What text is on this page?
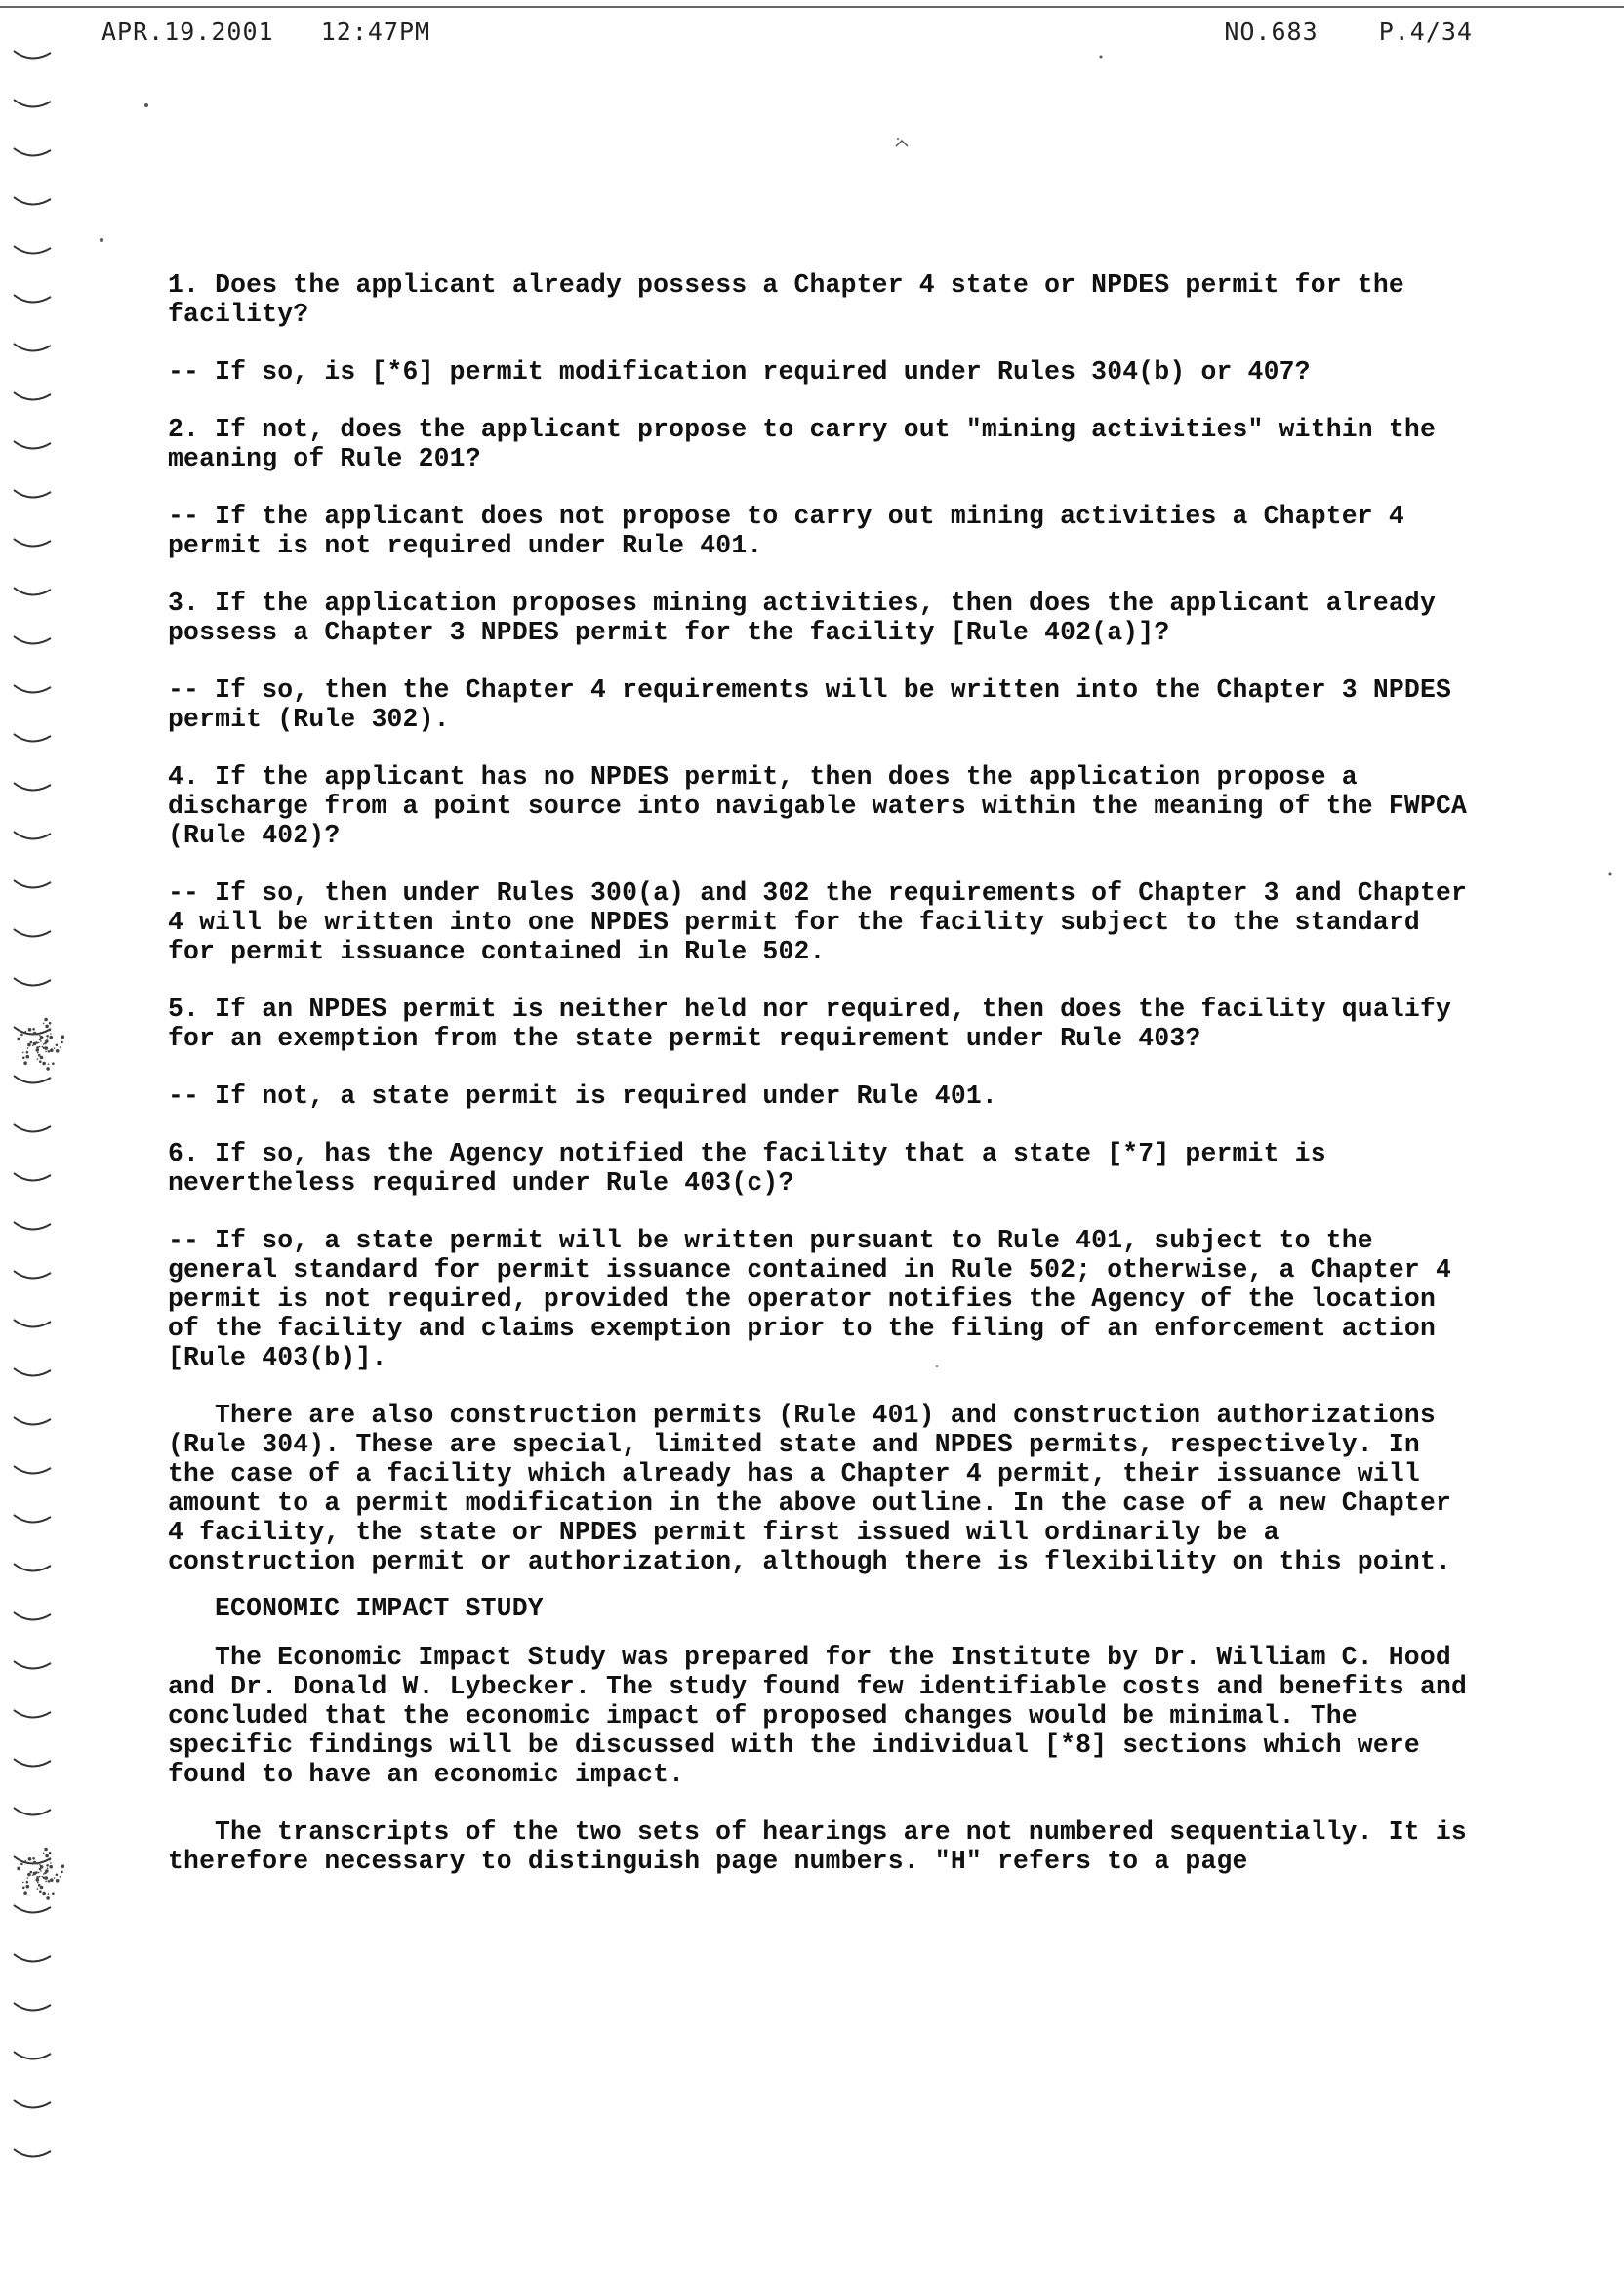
APR.19.2001 12:47PM	NO.683 P.4/34

1. Does the applicant already possess a Chapter 4 state or NPDES permit for the facility?

-- If so, is [*6] permit modification required under Rules 304(b) or 407?

2. If not, does the applicant propose to carry out "mining activities" within the meaning of Rule 201?

-- If the applicant does not propose to carry out mining activities a Chapter 4 permit is not required under Rule 401.

3. If the application proposes mining activities, then does the applicant already possess a Chapter 3 NPDES permit for the facility [Rule 402(a)]?

-- If so, then the Chapter 4 requirements will be written into the Chapter 3 NPDES permit (Rule 302).

4. If the applicant has no NPDES permit, then does the application propose a discharge from a point source into navigable waters within the meaning of the FWPCA (Rule 402)?

-- If so, then under Rules 300(a) and 302 the requirements of Chapter 3 and Chapter 4 will be written into one NPDES permit for the facility subject to the standard for permit issuance contained in Rule 502.

5. If an NPDES permit is neither held nor required, then does the facility qualify for an exemption from the state permit requirement under Rule 403?

-- If not, a state permit is required under Rule 401.

6. If so, has the Agency notified the facility that a state [*7] permit is nevertheless required under Rule 403(c)?

-- If so, a state permit will be written pursuant to Rule 401, subject to the general standard for permit issuance contained in Rule 502; otherwise, a Chapter 4 permit is not required, provided the operator notifies the Agency of the location of the facility and claims exemption prior to the filing of an enforcement action [Rule 403(b)].

There are also construction permits (Rule 401) and construction authorizations (Rule 304). These are special, limited state and NPDES permits, respectively. In the case of a facility which already has a Chapter 4 permit, their issuance will amount to a permit modification in the above outline. In the case of a new Chapter 4 facility, the state or NPDES permit first issued will ordinarily be a construction permit or authorization, although there is flexibility on this point.

ECONOMIC IMPACT STUDY

The Economic Impact Study was prepared for the Institute by Dr. William C. Hood and Dr. Donald W. Lybecker. The study found few identifiable costs and benefits and concluded that the economic impact of proposed changes would be minimal. The specific findings will be discussed with the individual [*8] sections which were found to have an economic impact.

The transcripts of the two sets of hearings are not numbered sequentially. It is therefore necessary to distinguish page numbers. "H" refers to a page
